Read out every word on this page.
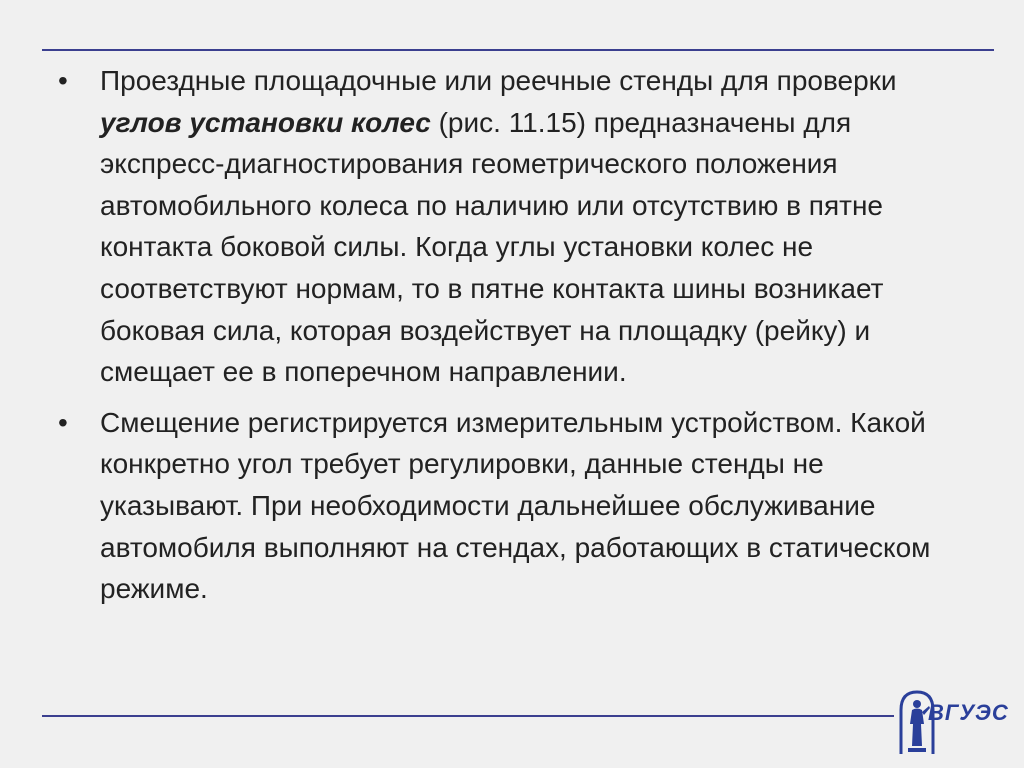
•	Проездные площадочные или реечные стенды для проверки углов установки колес (рис. 11.15) предназначены для экспресс-диагностирования геометрического положения автомобильного колеса по наличию или отсутствию в пятне контакта боковой силы. Когда углы установки колес не соответствуют нормам, то в пятне контакта шины возникает боковая сила, которая воздействует на площадку (рейку) и смещает ее в поперечном направлении.
•	Смещение регистрируется измерительным устройством. Какой конкретно угол требует регулировки, данные стенды не указывают. При необходимости дальнейшее обслуживание автомобиля выполняют на стендах, работающих в статическом режиме.
ВГУЭС
